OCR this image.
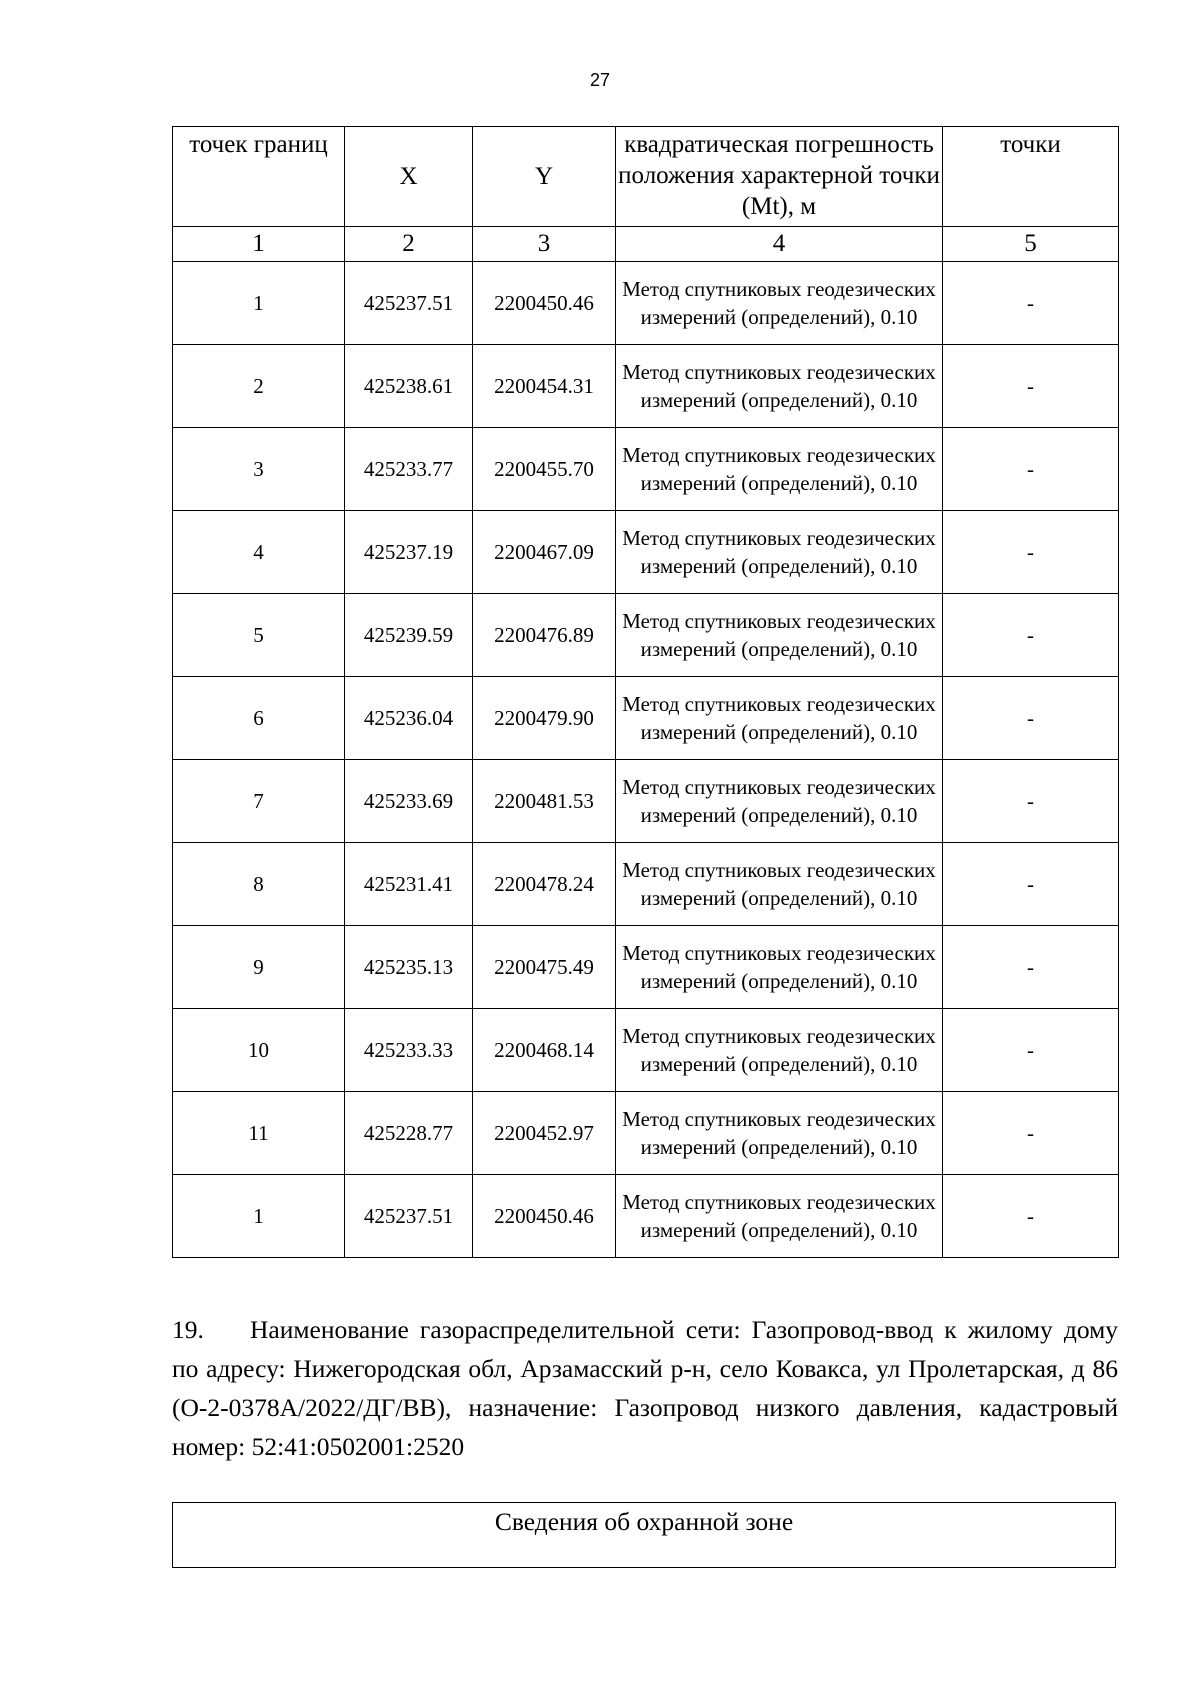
27
точек границ	X	Y	квадратическая погрешность положения характерной точки (Mt), м	точки
1	2	3	4	5
1	425237.51	2200450.46	Метод спутниковых геодезических измерений (определений), 0.10	-
2	425238.61	2200454.31	Метод спутниковых геодезических измерений (определений), 0.10	-
3	425233.77	2200455.70	Метод спутниковых геодезических измерений (определений), 0.10	-
4	425237.19	2200467.09	Метод спутниковых геодезических измерений (определений), 0.10	-
5	425239.59	2200476.89	Метод спутниковых геодезических измерений (определений), 0.10	-
6	425236.04	2200479.90	Метод спутниковых геодезических измерений (определений), 0.10	-
7	425233.69	2200481.53	Метод спутниковых геодезических измерений (определений), 0.10	-
8	425231.41	2200478.24	Метод спутниковых геодезических измерений (определений), 0.10	-
9	425235.13	2200475.49	Метод спутниковых геодезических измерений (определений), 0.10	-
10	425233.33	2200468.14	Метод спутниковых геодезических измерений (определений), 0.10	-
11	425228.77	2200452.97	Метод спутниковых геодезических измерений (определений), 0.10	-
1	425237.51	2200450.46	Метод спутниковых геодезических измерений (определений), 0.10	-
19. Наименование газораспределительной сети: Газопровод-ввод к жилому дому по адресу: Нижегородская обл, Арзамасский р-н, село Ковакса, ул Пролетарская, д 86 (О-2-0378А/2022/ДГ/ВВ), назначение: Газопровод низкого давления, кадастровый номер: 52:41:0502001:2520
Сведения об охранной зоне
